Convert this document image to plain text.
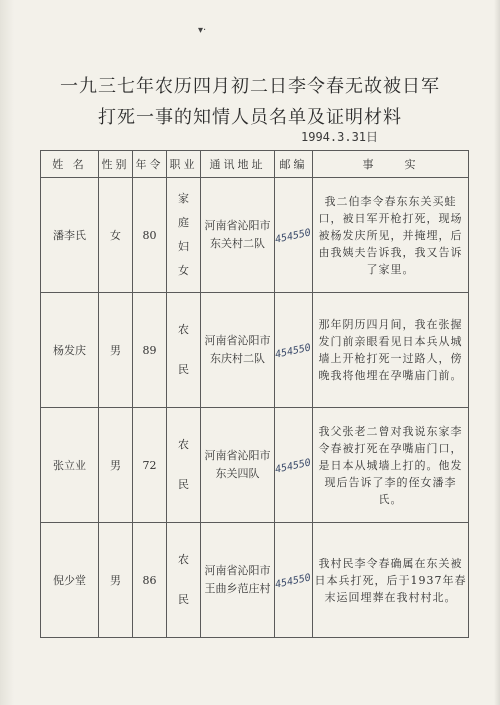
▾·
一九三七年农历四月初二日李令春无故被日军
打死一事的知情人员名单及证明材料
1994.3.31日
姓 名	性别	年令	职业	通讯地址	邮编	事　　实
潘李氏	女	80	家庭妇女	河南省沁阳市东关村二队	454550	我二伯李令春东东关买蛙口，被日军开枪打死，现场被杨发庆所见，并掩埋，后由我姨夫告诉我，我又告诉了家里。
杨发庆	男	89	农民	河南省沁阳市东庆村二队	454550	那年阴历四月间，我在张握发门前亲眼看见日本兵从城墙上开枪打死一过路人，傍晚我将他埋在孕嘴庙门前。
张立业	男	72	农民	河南省沁阳市东关四队	454550	我父张老二曾对我说东家李令春被打死在孕嘴庙门口，是日本从城墙上打的。他发现后告诉了李的侄女潘李氏。
倪少堂	男	86	农民	河南省沁阳市王曲乡范庄村	454550	我村民李令春确属在东关被日本兵打死，后于1937年春末运回埋葬在我村村北。
